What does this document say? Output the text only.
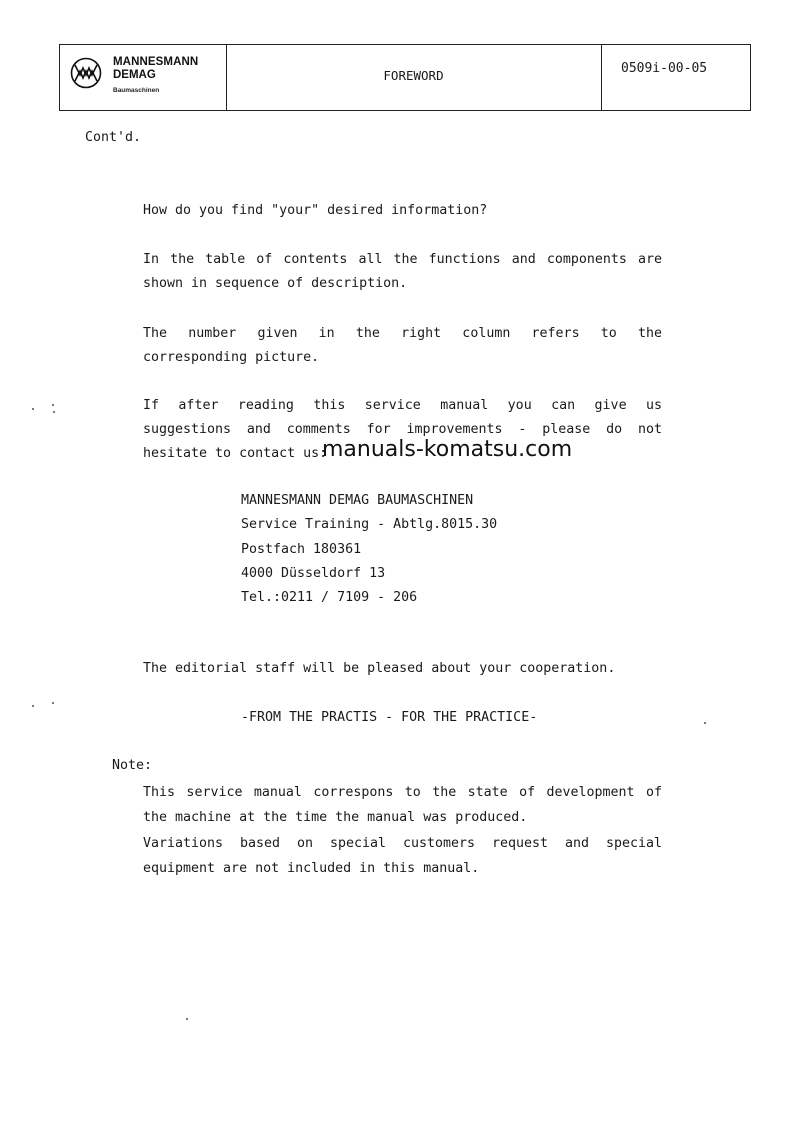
MANNESMANN
DEMAG
Baumaschinen
FOREWORD	0509i-00-05
Cont'd.
How do you find "your" desired information?
In the table of contents all the functions and components are
shown in sequence of description.
The number given in the right column refers to the
corresponding picture.
If after reading this service manual you can give us
suggestions and comments for improvements - please do not
hesitate to contact us:
manuals-komatsu.com
MANNESMANN DEMAG BAUMASCHINEN
Service Training - Abtlg.8015.30
Postfach 180361
4000 Düsseldorf 13
Tel.:0211 / 7109 - 206
The editorial staff will be pleased about your cooperation.
-FROM THE PRACTIS - FOR THE PRACTICE-
Note:
This service manual correspons to the state of development of
the machine at the time the manual was produced.
Variations based on special customers request and special
equipment are not included in this manual.
